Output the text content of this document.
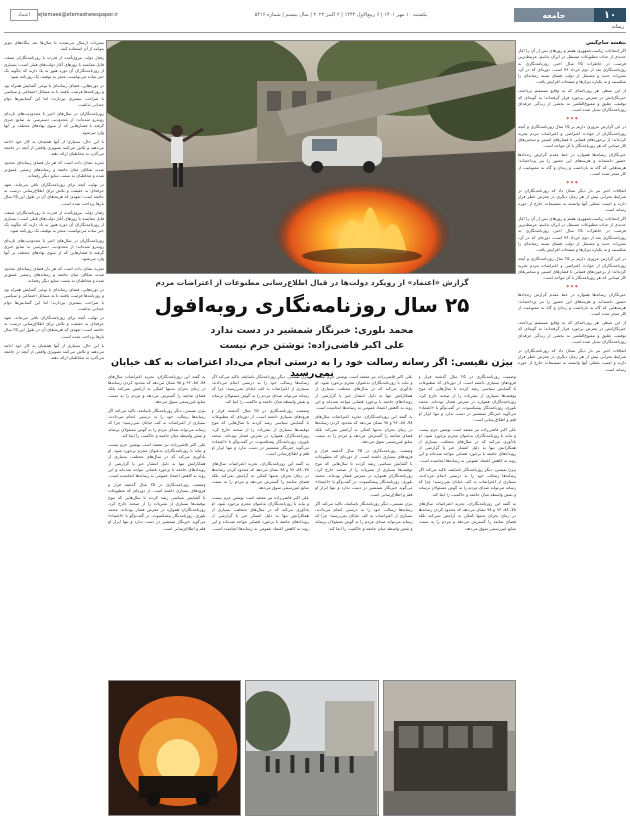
۱۰
جامعه
یکشنبه ۱۰ مهر ۱۴۰۱ | ۶ ربیع‌الاول ۱۴۴۴ | ۲ اکتبر ۲۰۲۲ | سال بیستم | شماره ۵۴۱۶
ejtemaee@etemadnewspaper.ir
اعتماد
رسانه
بنفشه سام‌گیس

اگر انتخابات ریاست‌جمهوری هفتم و روزهای پس از آن را اغاز جدیدی از حیات مطبوعات مستقل در ایران بدانیم، مرتبط‌ترین فرصت در خاطرات ۲۵ سال اخیر، روزنامه‌نگاری به روزنامه‌نگاری بعد از دوم خرداد ۷۶ است، دوره‌ای که در آن، نشریات جدید و مستقل از دولت فضای بسته رسانه‌ای را شکستند و به یکباره تیراژها و صفحات افزایش یافت.

از این منظر، هر روزنامه‌ای که به وقایع مستقیم پرداخته، خبرنگارانش در معرض برخورد قرار گرفته‌اند؛ به گونه‌ای که توقیف، تعلیق و ممنوع‌القلمی به بخشی از زندگی حرفه‌ای روزنامه‌نگاران تبدیل شده است.

✶✶✶

در این گزارش مروری داریم بر ۲۵ سال روزنامه‌نگاری و آنچه روزنامه‌نگاران از حوادث اعتراضی و اعتراضات مردم تجربه کرده‌اند؛ از برخوردهای قضایی تا فشارهای امنیتی و سختی‌های کار میدانی که هر روزنامه‌نگار با آن مواجه است.

خبرنگاران رسانه‌ها همواره در خط مقدم گزارش رخدادها حضور داشته‌اند و هزینه‌های این حضور را نیز پرداخته‌اند؛ هزینه‌هایی که گاه به بازداشت و زندان و گاه به ممنوعیت از کار منجر شده است.

✶✶✶

اتفاقات اخیر نیز بار دیگر نشان داد که روزنامه‌نگاران در شرایط بحرانی بیش از هر زمان دیگری در معرض خطر قرار دارند و امنیت شغلی آنها وابسته به تصمیمات خارج از حوزه رسانه است.

اگر انتخابات ریاست‌جمهوری هفتم و روزهای پس از آن را اغاز جدیدی از حیات مطبوعات مستقل در ایران بدانیم، مرتبط‌ترین فرصت در خاطرات ۲۵ سال اخیر، روزنامه‌نگاری به روزنامه‌نگاری بعد از دوم خرداد ۷۶ است، دوره‌ای که در آن، نشریات جدید و مستقل از دولت فضای بسته رسانه‌ای را شکستند و به یکباره تیراژها و صفحات افزایش یافت.

در این گزارش مروری داریم بر ۲۵ سال روزنامه‌نگاری و آنچه روزنامه‌نگاران از حوادث اعتراضی و اعتراضات مردم تجربه کرده‌اند؛ از برخوردهای قضایی تا فشارهای امنیتی و سختی‌های کار میدانی که هر روزنامه‌نگار با آن مواجه است.

✶✶✶

خبرنگاران رسانه‌ها همواره در خط مقدم گزارش رخدادها حضور داشته‌اند و هزینه‌های این حضور را نیز پرداخته‌اند؛ هزینه‌هایی که گاه به بازداشت و زندان و گاه به ممنوعیت از کار منجر شده است.

از این منظر، هر روزنامه‌ای که به وقایع مستقیم پرداخته، خبرنگارانش در معرض برخورد قرار گرفته‌اند؛ به گونه‌ای که توقیف، تعلیق و ممنوع‌القلمی به بخشی از زندگی حرفه‌ای روزنامه‌نگاران تبدیل شده است.

اتفاقات اخیر نیز بار دیگر نشان داد که روزنامه‌نگاران در شرایط بحرانی بیش از هر زمان دیگری در معرض خطر قرار دارند و امنیت شغلی آنها وابسته به تصمیمات خارج از حوزه رسانه است.

نشریات ارسال می‌شدند تا سال‌ها بعد بنگاه‌های موثر بتوانند از آن استفاده کنند.

رفتار دولت بیرون‌آمده از قدرت با روزنامه‌نگاران منتقد، قابل مقایسه با روزهای آغاز دولت‌های قبلی است؛ بسیاری از روزنامه‌نگاران آن دوره هنوز به یاد دارند که چگونه یک خبر ساده می‌توانست منجر به توقیف یک روزنامه شود.

در دوره‌هایی، فضای رسانه‌ای با نوعی گشایش همراه بود و روزنامه‌ها فرصت یافتند تا به مسائل اجتماعی و سیاسی با صراحت بیشتری بپردازند؛ اما این گشایش‌ها دوام چندانی نداشت.

روزنامه‌نگاران در سال‌های اخیر با محدودیت‌های تازه‌ای روبه‌رو شده‌اند؛ از محدودیت دسترسی به منابع خبری گرفته تا فشارهایی که از سوی نهادهای مختلف بر آنها وارد می‌شود.

با این حال، بسیاری از آنها همچنان به کار خود ادامه می‌دهند و تلاش می‌کنند تصویری واقعی از آنچه در جامعه می‌گذرد به مخاطبان ارائه دهند.

تجربه نشان داده است که هر بار فضای رسانه‌ای محدود شده، شکاف میان جامعه و رسانه‌های رسمی عمیق‌تر شده و مخاطبان به سمت منابع دیگر رفته‌اند.

در نهایت آنچه برای روزنامه‌نگاران باقی می‌ماند، تعهد حرفه‌ای به حقیقت و تلاش برای اطلاع‌رسانی درست به جامعه است؛ تعهدی که هزینه‌های آن در طول این ۲۵ سال بارها پرداخت شده است.

رفتار دولت بیرون‌آمده از قدرت با روزنامه‌نگاران منتقد، قابل مقایسه با روزهای آغاز دولت‌های قبلی است؛ بسیاری از روزنامه‌نگاران آن دوره هنوز به یاد دارند که چگونه یک خبر ساده می‌توانست منجر به توقیف یک روزنامه شود.

روزنامه‌نگاران در سال‌های اخیر با محدودیت‌های تازه‌ای روبه‌رو شده‌اند؛ از محدودیت دسترسی به منابع خبری گرفته تا فشارهایی که از سوی نهادهای مختلف بر آنها وارد می‌شود.

تجربه نشان داده است که هر بار فضای رسانه‌ای محدود شده، شکاف میان جامعه و رسانه‌های رسمی عمیق‌تر شده و مخاطبان به سمت منابع دیگر رفته‌اند.

در دوره‌هایی، فضای رسانه‌ای با نوعی گشایش همراه بود و روزنامه‌ها فرصت یافتند تا به مسائل اجتماعی و سیاسی با صراحت بیشتری بپردازند؛ اما این گشایش‌ها دوام چندانی نداشت.

در نهایت آنچه برای روزنامه‌نگاران باقی می‌ماند، تعهد حرفه‌ای به حقیقت و تلاش برای اطلاع‌رسانی درست به جامعه است؛ تعهدی که هزینه‌های آن در طول این ۲۵ سال بارها پرداخت شده است.

با این حال، بسیاری از آنها همچنان به کار خود ادامه می‌دهند و تلاش می‌کنند تصویری واقعی از آنچه در جامعه می‌گذرد به مخاطبان ارائه دهند.

گزارش «اعتماد» از رویکرد دولت‌ها در قبال اطلاع‌رسانی مطبوعات از اعتراضات مردم
۲۵ سال روزنامه‌نگاری روبه‌افول
محمد بلوری: خبرنگار شمشیر در دست ندارد
علی اکبر قاضی‌زاده: نوشتن جرم نیست
بیژن نفیسی: اگر رسانه رسالت خود را به درستی انجام می‌داد اعتراضات به کف خیابان نمی‌رسید	وضعیت روزنامه‌نگاری در ۲۵ سال گذشته فراز و فرودهای بسیاری داشته است. از دوره‌ای که مطبوعات با گشایش سیاسی رشد کردند تا سال‌هایی که موج توقیف‌ها بسیاری از نشریات را از صحنه خارج کرد، روزنامه‌نگاران همواره در معرض فشار بوده‌اند. محمد بلوری، روزنامه‌نگار پیشکسوت، در گفت‌وگو با «اعتماد» می‌گوید خبرنگار شمشیر در دست ندارد و تنها ابزار او قلم و اطلاع‌رسانی است.

علی اکبر قاضی‌زاده نیز معتقد است نوشتن جرم نیست و نباید با روزنامه‌نگاران به‌عنوان مجرم برخورد شود. او یادآوری می‌کند که در سال‌های مختلف، بسیاری از همکارانش تنها به دلیل انتشار خبر یا گزارشی از رویدادهای جامعه با برخورد قضایی مواجه شده‌اند و این روند به کاهش اعتماد عمومی به رسانه‌ها انجامیده است.

بیژن نفیسی، دیگر روزنامه‌نگار باسابقه، تاکید می‌کند اگر رسانه‌ها رسالت خود را به درستی انجام می‌دادند، بسیاری از اعتراضات به کف خیابان نمی‌رسید؛ چرا که رسانه می‌تواند صدای مردم را به گوش مسئولان برساند و نقش واسطه میان جامعه و حاکمیت را ایفا کند.

به گفته این روزنامه‌نگاران، تجربه اعتراضات سال‌های ۷۸، ۸۸، ۹۶ و ۹۸ نشان می‌دهد که محدود کردن رسانه‌ها در زمان بحران نه‌تنها کمکی به آرامش نمی‌کند بلکه فضای شایعه را گسترش می‌دهد و مردم را به سمت منابع غیررسمی سوق می‌دهد.

علی اکبر قاضی‌زاده نیز معتقد است نوشتن جرم نیست و نباید با روزنامه‌نگاران به‌عنوان مجرم برخورد شود. او یادآوری می‌کند که در سال‌های مختلف، بسیاری از همکارانش تنها به دلیل انتشار خبر یا گزارشی از رویدادهای جامعه با برخورد قضایی مواجه شده‌اند و این روند به کاهش اعتماد عمومی به رسانه‌ها انجامیده است.

به گفته این روزنامه‌نگاران، تجربه اعتراضات سال‌های ۷۸، ۸۸، ۹۶ و ۹۸ نشان می‌دهد که محدود کردن رسانه‌ها در زمان بحران نه‌تنها کمکی به آرامش نمی‌کند بلکه فضای شایعه را گسترش می‌دهد و مردم را به سمت منابع غیررسمی سوق می‌دهد.

وضعیت روزنامه‌نگاری در ۲۵ سال گذشته فراز و فرودهای بسیاری داشته است. از دوره‌ای که مطبوعات با گشایش سیاسی رشد کردند تا سال‌هایی که موج توقیف‌ها بسیاری از نشریات را از صحنه خارج کرد، روزنامه‌نگاران همواره در معرض فشار بوده‌اند. محمد بلوری، روزنامه‌نگار پیشکسوت، در گفت‌وگو با «اعتماد» می‌گوید خبرنگار شمشیر در دست ندارد و تنها ابزار او قلم و اطلاع‌رسانی است.

بیژن نفیسی، دیگر روزنامه‌نگار باسابقه، تاکید می‌کند اگر رسانه‌ها رسالت خود را به درستی انجام می‌دادند، بسیاری از اعتراضات به کف خیابان نمی‌رسید؛ چرا که رسانه می‌تواند صدای مردم را به گوش مسئولان برساند و نقش واسطه میان جامعه و حاکمیت را ایفا کند.

بیژن نفیسی، دیگر روزنامه‌نگار باسابقه، تاکید می‌کند اگر رسانه‌ها رسالت خود را به درستی انجام می‌دادند، بسیاری از اعتراضات به کف خیابان نمی‌رسید؛ چرا که رسانه می‌تواند صدای مردم را به گوش مسئولان برساند و نقش واسطه میان جامعه و حاکمیت را ایفا کند.

وضعیت روزنامه‌نگاری در ۲۵ سال گذشته فراز و فرودهای بسیاری داشته است. از دوره‌ای که مطبوعات با گشایش سیاسی رشد کردند تا سال‌هایی که موج توقیف‌ها بسیاری از نشریات را از صحنه خارج کرد، روزنامه‌نگاران همواره در معرض فشار بوده‌اند. محمد بلوری، روزنامه‌نگار پیشکسوت، در گفت‌وگو با «اعتماد» می‌گوید خبرنگار شمشیر در دست ندارد و تنها ابزار او قلم و اطلاع‌رسانی است.

به گفته این روزنامه‌نگاران، تجربه اعتراضات سال‌های ۷۸، ۸۸، ۹۶ و ۹۸ نشان می‌دهد که محدود کردن رسانه‌ها در زمان بحران نه‌تنها کمکی به آرامش نمی‌کند بلکه فضای شایعه را گسترش می‌دهد و مردم را به سمت منابع غیررسمی سوق می‌دهد.

علی اکبر قاضی‌زاده نیز معتقد است نوشتن جرم نیست و نباید با روزنامه‌نگاران به‌عنوان مجرم برخورد شود. او یادآوری می‌کند که در سال‌های مختلف، بسیاری از همکارانش تنها به دلیل انتشار خبر یا گزارشی از رویدادهای جامعه با برخورد قضایی مواجه شده‌اند و این روند به کاهش اعتماد عمومی به رسانه‌ها انجامیده است.

به گفته این روزنامه‌نگاران، تجربه اعتراضات سال‌های ۷۸، ۸۸، ۹۶ و ۹۸ نشان می‌دهد که محدود کردن رسانه‌ها در زمان بحران نه‌تنها کمکی به آرامش نمی‌کند بلکه فضای شایعه را گسترش می‌دهد و مردم را به سمت منابع غیررسمی سوق می‌دهد.

بیژن نفیسی، دیگر روزنامه‌نگار باسابقه، تاکید می‌کند اگر رسانه‌ها رسالت خود را به درستی انجام می‌دادند، بسیاری از اعتراضات به کف خیابان نمی‌رسید؛ چرا که رسانه می‌تواند صدای مردم را به گوش مسئولان برساند و نقش واسطه میان جامعه و حاکمیت را ایفا کند.

علی اکبر قاضی‌زاده نیز معتقد است نوشتن جرم نیست و نباید با روزنامه‌نگاران به‌عنوان مجرم برخورد شود. او یادآوری می‌کند که در سال‌های مختلف، بسیاری از همکارانش تنها به دلیل انتشار خبر یا گزارشی از رویدادهای جامعه با برخورد قضایی مواجه شده‌اند و این روند به کاهش اعتماد عمومی به رسانه‌ها انجامیده است.

وضعیت روزنامه‌نگاری در ۲۵ سال گذشته فراز و فرودهای بسیاری داشته است. از دوره‌ای که مطبوعات با گشایش سیاسی رشد کردند تا سال‌هایی که موج توقیف‌ها بسیاری از نشریات را از صحنه خارج کرد، روزنامه‌نگاران همواره در معرض فشار بوده‌اند. محمد بلوری، روزنامه‌نگار پیشکسوت، در گفت‌وگو با «اعتماد» می‌گوید خبرنگار شمشیر در دست ندارد و تنها ابزار او قلم و اطلاع‌رسانی است.
